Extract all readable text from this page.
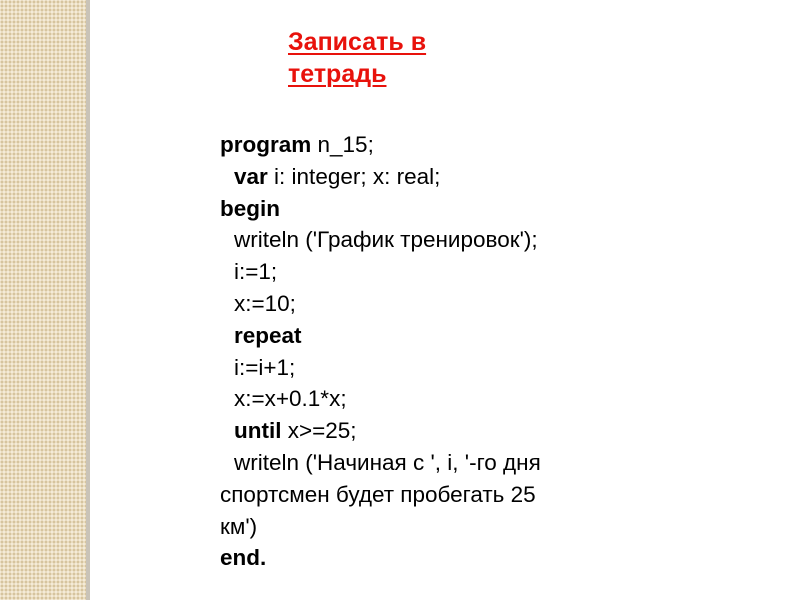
Записать в
тетрадь
program n_15;
var i: integer; x: real;
begin
writeln ('График тренировок');
i:=1;
x:=10;
repeat
i:=i+1;
x:=x+0.1*x;
until x>=25;
writeln ('Начиная с ', i, '-го дня
спортсмен будет пробегать 25
км')
end.
